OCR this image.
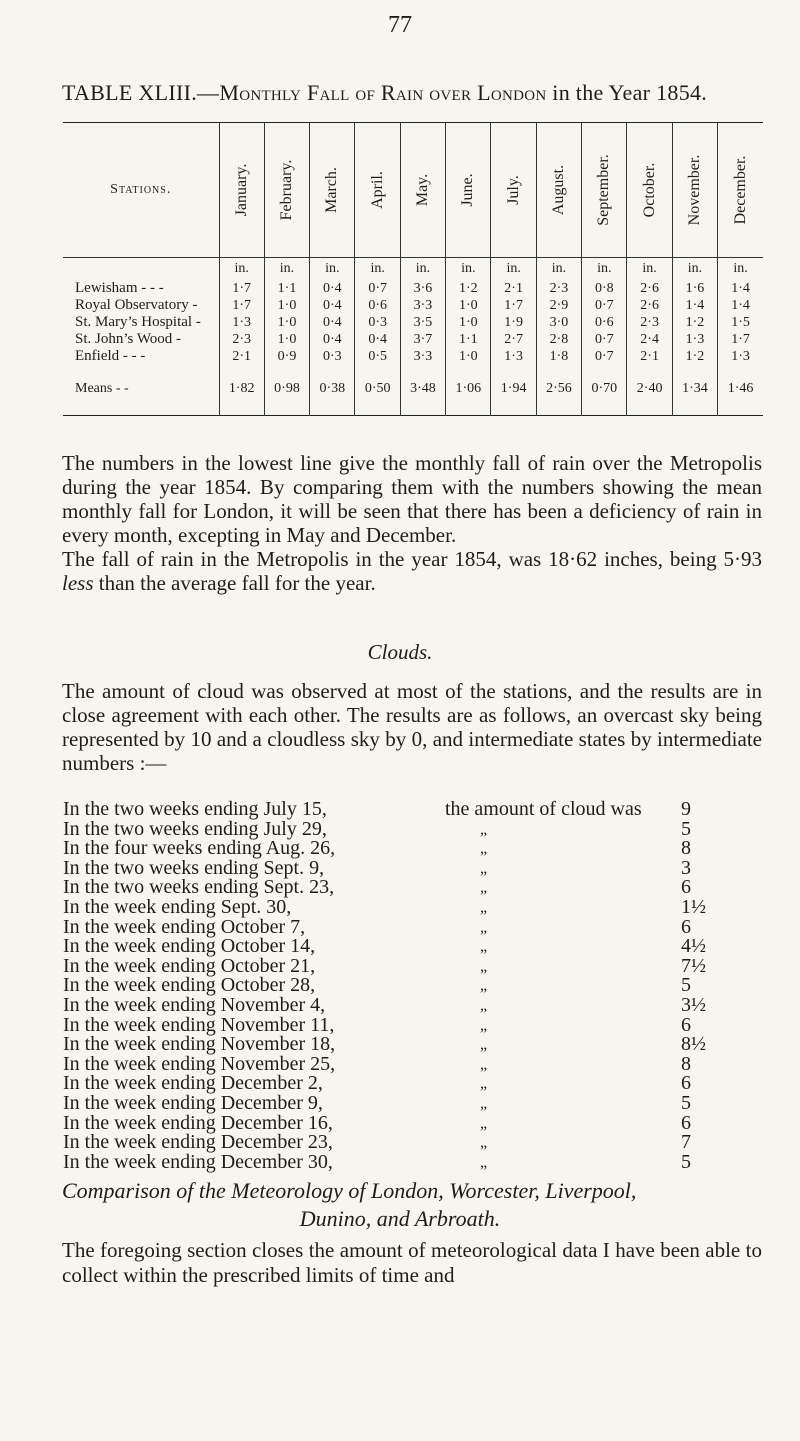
77
TABLE XLIII.—Monthly Fall of Rain over London in the Year 1854.
Stations.	January.	February.	March.	April.	May.	June.	July.	August.	September.	October.	November.	December.

	in.	in.	in.	in.	in.	in.	in.	in.	in.	in.	in.	in.
Lewisham - - -	1·7	1·1	0·4	0·7	3·6	1·2	2·1	2·3	0·8	2·6	1·6	1·4
Royal Observatory -	1·7	1·0	0·4	0·6	3·3	1·0	1·7	2·9	0·7	2·6	1·4	1·4
St. Mary’s Hospital -	1·3	1·0	0·4	0·3	3·5	1·0	1·9	3·0	0·6	2·3	1·2	1·5
St. John’s Wood -	2·3	1·0	0·4	0·4	3·7	1·1	2·7	2·8	0·7	2·4	1·3	1·7
Enfield - - -	2·1	0·9	0·3	0·5	3·3	1·0	1·3	1·8	0·7	2·1	1·2	1·3

Means - -	1·82	0·98	0·38	0·50	3·48	1·06	1·94	2·56	0·70	2·40	1·34	1·46

The numbers in the lowest line give the monthly fall of rain over the Metropolis during the year 1854. By comparing them with the numbers showing the mean monthly fall for London, it will be seen that there has been a deficiency of rain in every month, excepting in May and December.

The fall of rain in the Metropolis in the year 1854, was 18·62 inches, being 5·93 less than the average fall for the year.

Clouds.

The amount of cloud was observed at most of the stations, and the results are in close agreement with each other. The results are as follows, an overcast sky being represented by 10 and a cloudless sky by 0, and intermediate states by intermediate numbers :—

In the two weeks ending July 15,	the amount of cloud was 9
In the two weeks ending July 29,	„	5
In the four weeks ending Aug. 26,	„	8
In the two weeks ending Sept. 9,	„	3
In the two weeks ending Sept. 23,	„	6
In the week ending Sept. 30,	„	1½
In the week ending October 7,	„	6
In the week ending October 14,	„	4½
In the week ending October 21,	„	7½
In the week ending October 28,	„	5
In the week ending November 4,	„	3½
In the week ending November 11,	„	6
In the week ending November 18,	„	8½
In the week ending November 25,	„	8
In the week ending December 2,	„	6
In the week ending December 9,	„	5
In the week ending December 16,	„	6
In the week ending December 23,	„	7
In the week ending December 30,	„	5
Comparison of the Meteorology of London, Worcester, Liverpool,
Dunino, and Arbroath.

The foregoing section closes the amount of meteorological data I have been able to collect within the prescribed limits of time and
